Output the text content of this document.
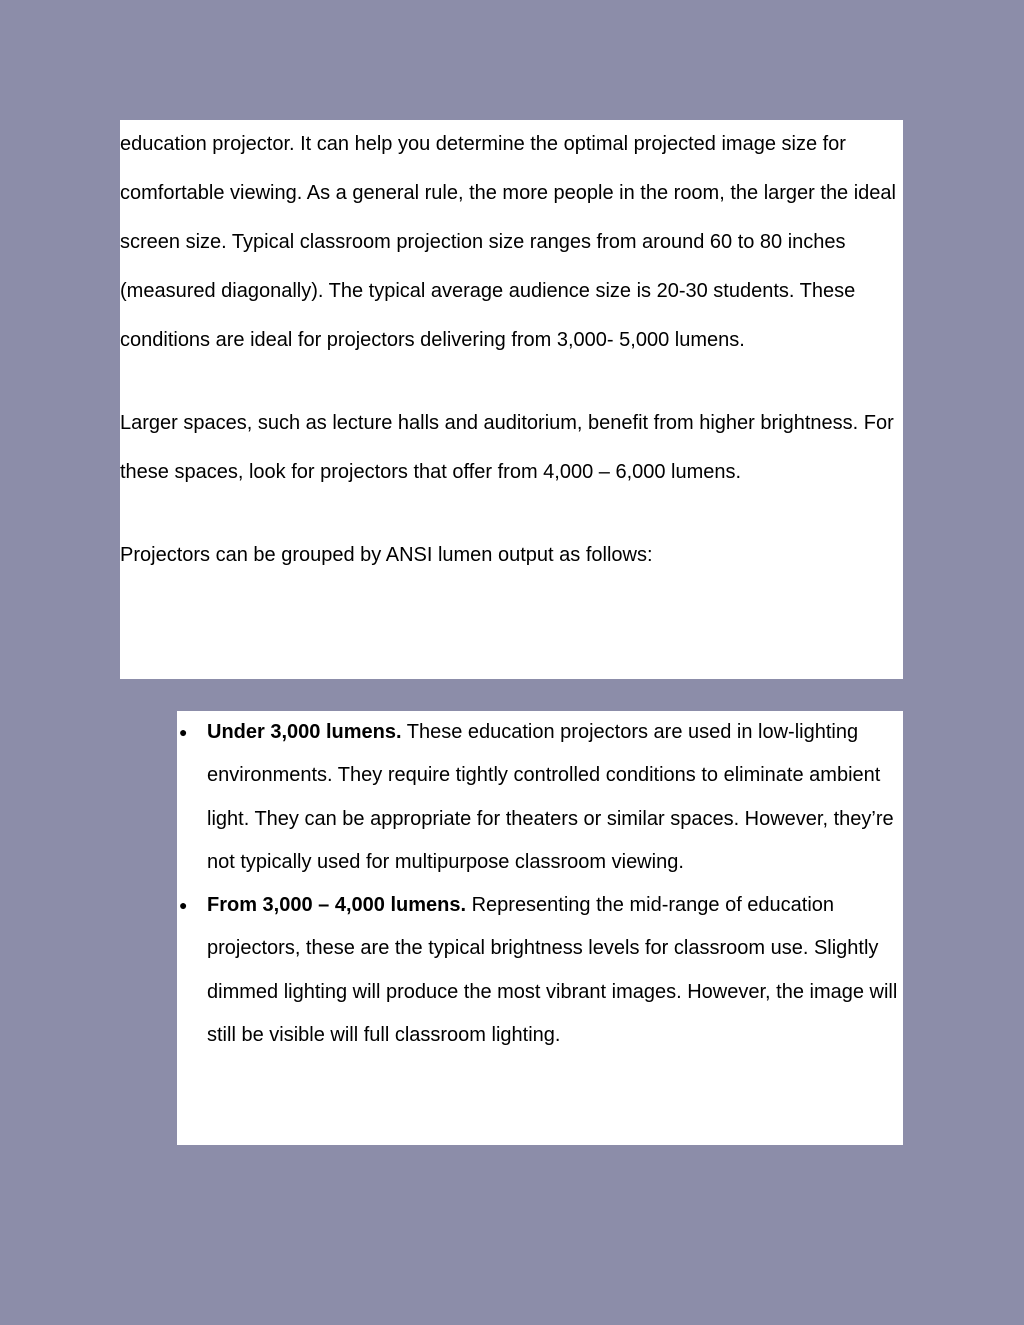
education projector. It can help you determine the optimal projected image size for comfortable viewing. As a general rule, the more people in the room, the larger the ideal screen size. Typical classroom projection size ranges from around 60 to 80 inches (measured diagonally). The typical average audience size is 20-30 students. These conditions are ideal for projectors delivering from 3,000- 5,000 lumens.

Larger spaces, such as lecture halls and auditorium, benefit from higher brightness. For these spaces, look for projectors that offer from 4,000 – 6,000 lumens.

Projectors can be grouped by ANSI lumen output as follows:

● Under 3,000 lumens. These education projectors are used in low-lighting environments. They require tightly controlled conditions to eliminate ambient light. They can be appropriate for theaters or similar spaces. However, they’re not typically used for multipurpose classroom viewing.
● From 3,000 – 4,000 lumens. Representing the mid-range of education projectors, these are the typical brightness levels for classroom use. Slightly dimmed lighting will produce the most vibrant images. However, the image will still be visible will full classroom lighting.
